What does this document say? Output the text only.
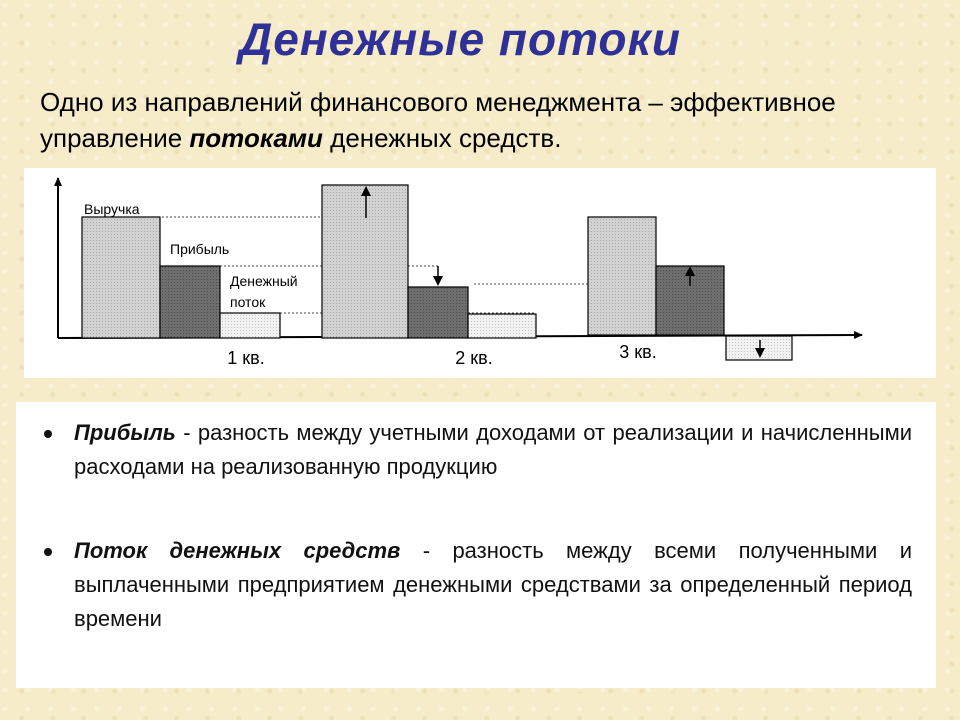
Денежные потоки
Одно из направлений финансового менеджмента – эффективное управление потоками денежных средств.
Выручка
Прибыль
Денежный
поток
1 кв.	2 кв.	3 кв.
Прибыль - разность между учетными доходами от реализации и начисленными расходами на реализованную продукцию
Поток денежных средств - разность между всеми полученными и выплаченными предприятием денежными средствами за определенный период времени
